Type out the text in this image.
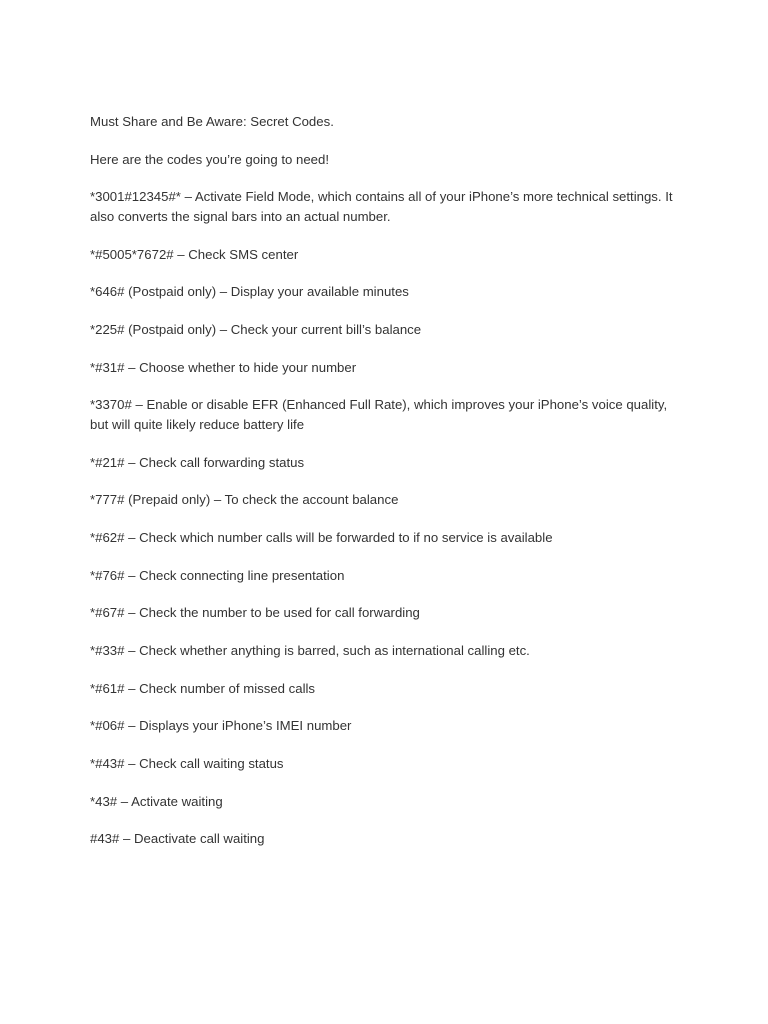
Must Share and Be Aware: Secret Codes.

Here are the codes you’re going to need!

*3001#12345#* – Activate Field Mode, which contains all of your iPhone’s more technical settings. It also converts the signal bars into an actual number.

*#5005*7672# – Check SMS center

*646# (Postpaid only) – Display your available minutes

*225# (Postpaid only) – Check your current bill’s balance

*#31# – Choose whether to hide your number

*3370# – Enable or disable EFR (Enhanced Full Rate), which improves your iPhone’s voice quality, but will quite likely reduce battery life

*#21# – Check call forwarding status

*777# (Prepaid only) – To check the account balance

*#62# – Check which number calls will be forwarded to if no service is available

*#76# – Check connecting line presentation

*#67# – Check the number to be used for call forwarding

*#33# – Check whether anything is barred, such as international calling etc.

*#61# – Check number of missed calls

*#06# – Displays your iPhone’s IMEI number

*#43# – Check call waiting status

*43# – Activate waiting

#43# – Deactivate call waiting
